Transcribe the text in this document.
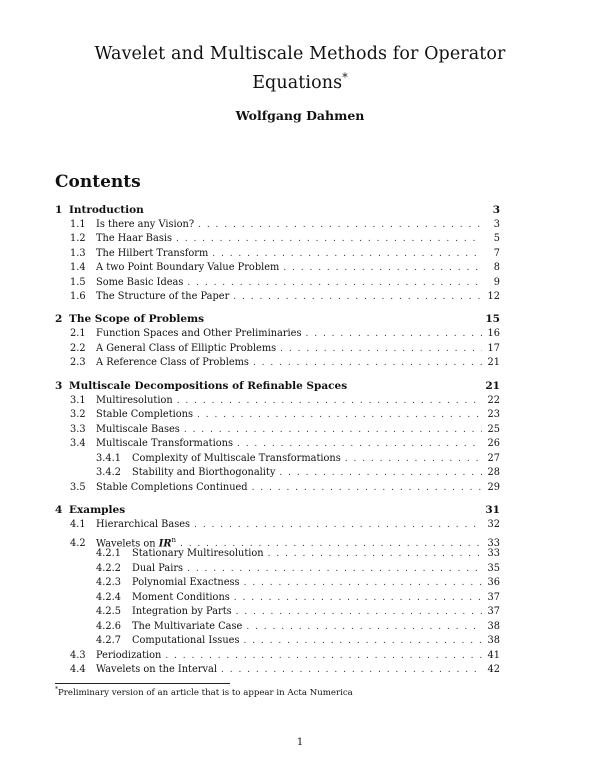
Wavelet and Multiscale Methods for Operator
Equations*
Wolfgang Dahmen
Contents
1 Introduction	3
1.1	Is there any Vision? . . .	3
1.2	The Haar Basis . . .	5
1.3	The Hilbert Transform . . .	7
1.4	A two Point Boundary Value Problem . . .	8
1.5	Some Basic Ideas . . .	9
1.6	The Structure of the Paper . . .	12
2 The Scope of Problems	15
2.1	Function Spaces and Other Preliminaries . . .	16
2.2	A General Class of Elliptic Problems . . .	17
2.3	A Reference Class of Problems . . .	21
3 Multiscale Decompositions of Refinable Spaces	21
3.1	Multiresolution . . .	22
3.2	Stable Completions . . .	23
3.3	Multiscale Bases . . .	25
3.4	Multiscale Transformations . . .	26
3.4.1	Complexity of Multiscale Transformations . . .	27
3.4.2	Stability and Biorthogonality . . .	28
3.5	Stable Completions Continued . . .	29
4 Examples	31
4.1	Hierarchical Bases . . .	32
4.2	Wavelets on $IR^n$ . . .	33
4.2.1	Stationary Multiresolution . . .	33
4.2.2	Dual Pairs . . .	35
4.2.3	Polynomial Exactness . . .	36
4.2.4	Moment Conditions . . .	37
4.2.5	Integration by Parts . . .	37
4.2.6	The Multivariate Case . . .	38
4.2.7	Computational Issues . . .	38
4.3	Periodization . . .	41
4.4	Wavelets on the Interval . . .	42
*Preliminary version of an article that is to appear in Acta Numerica
1
